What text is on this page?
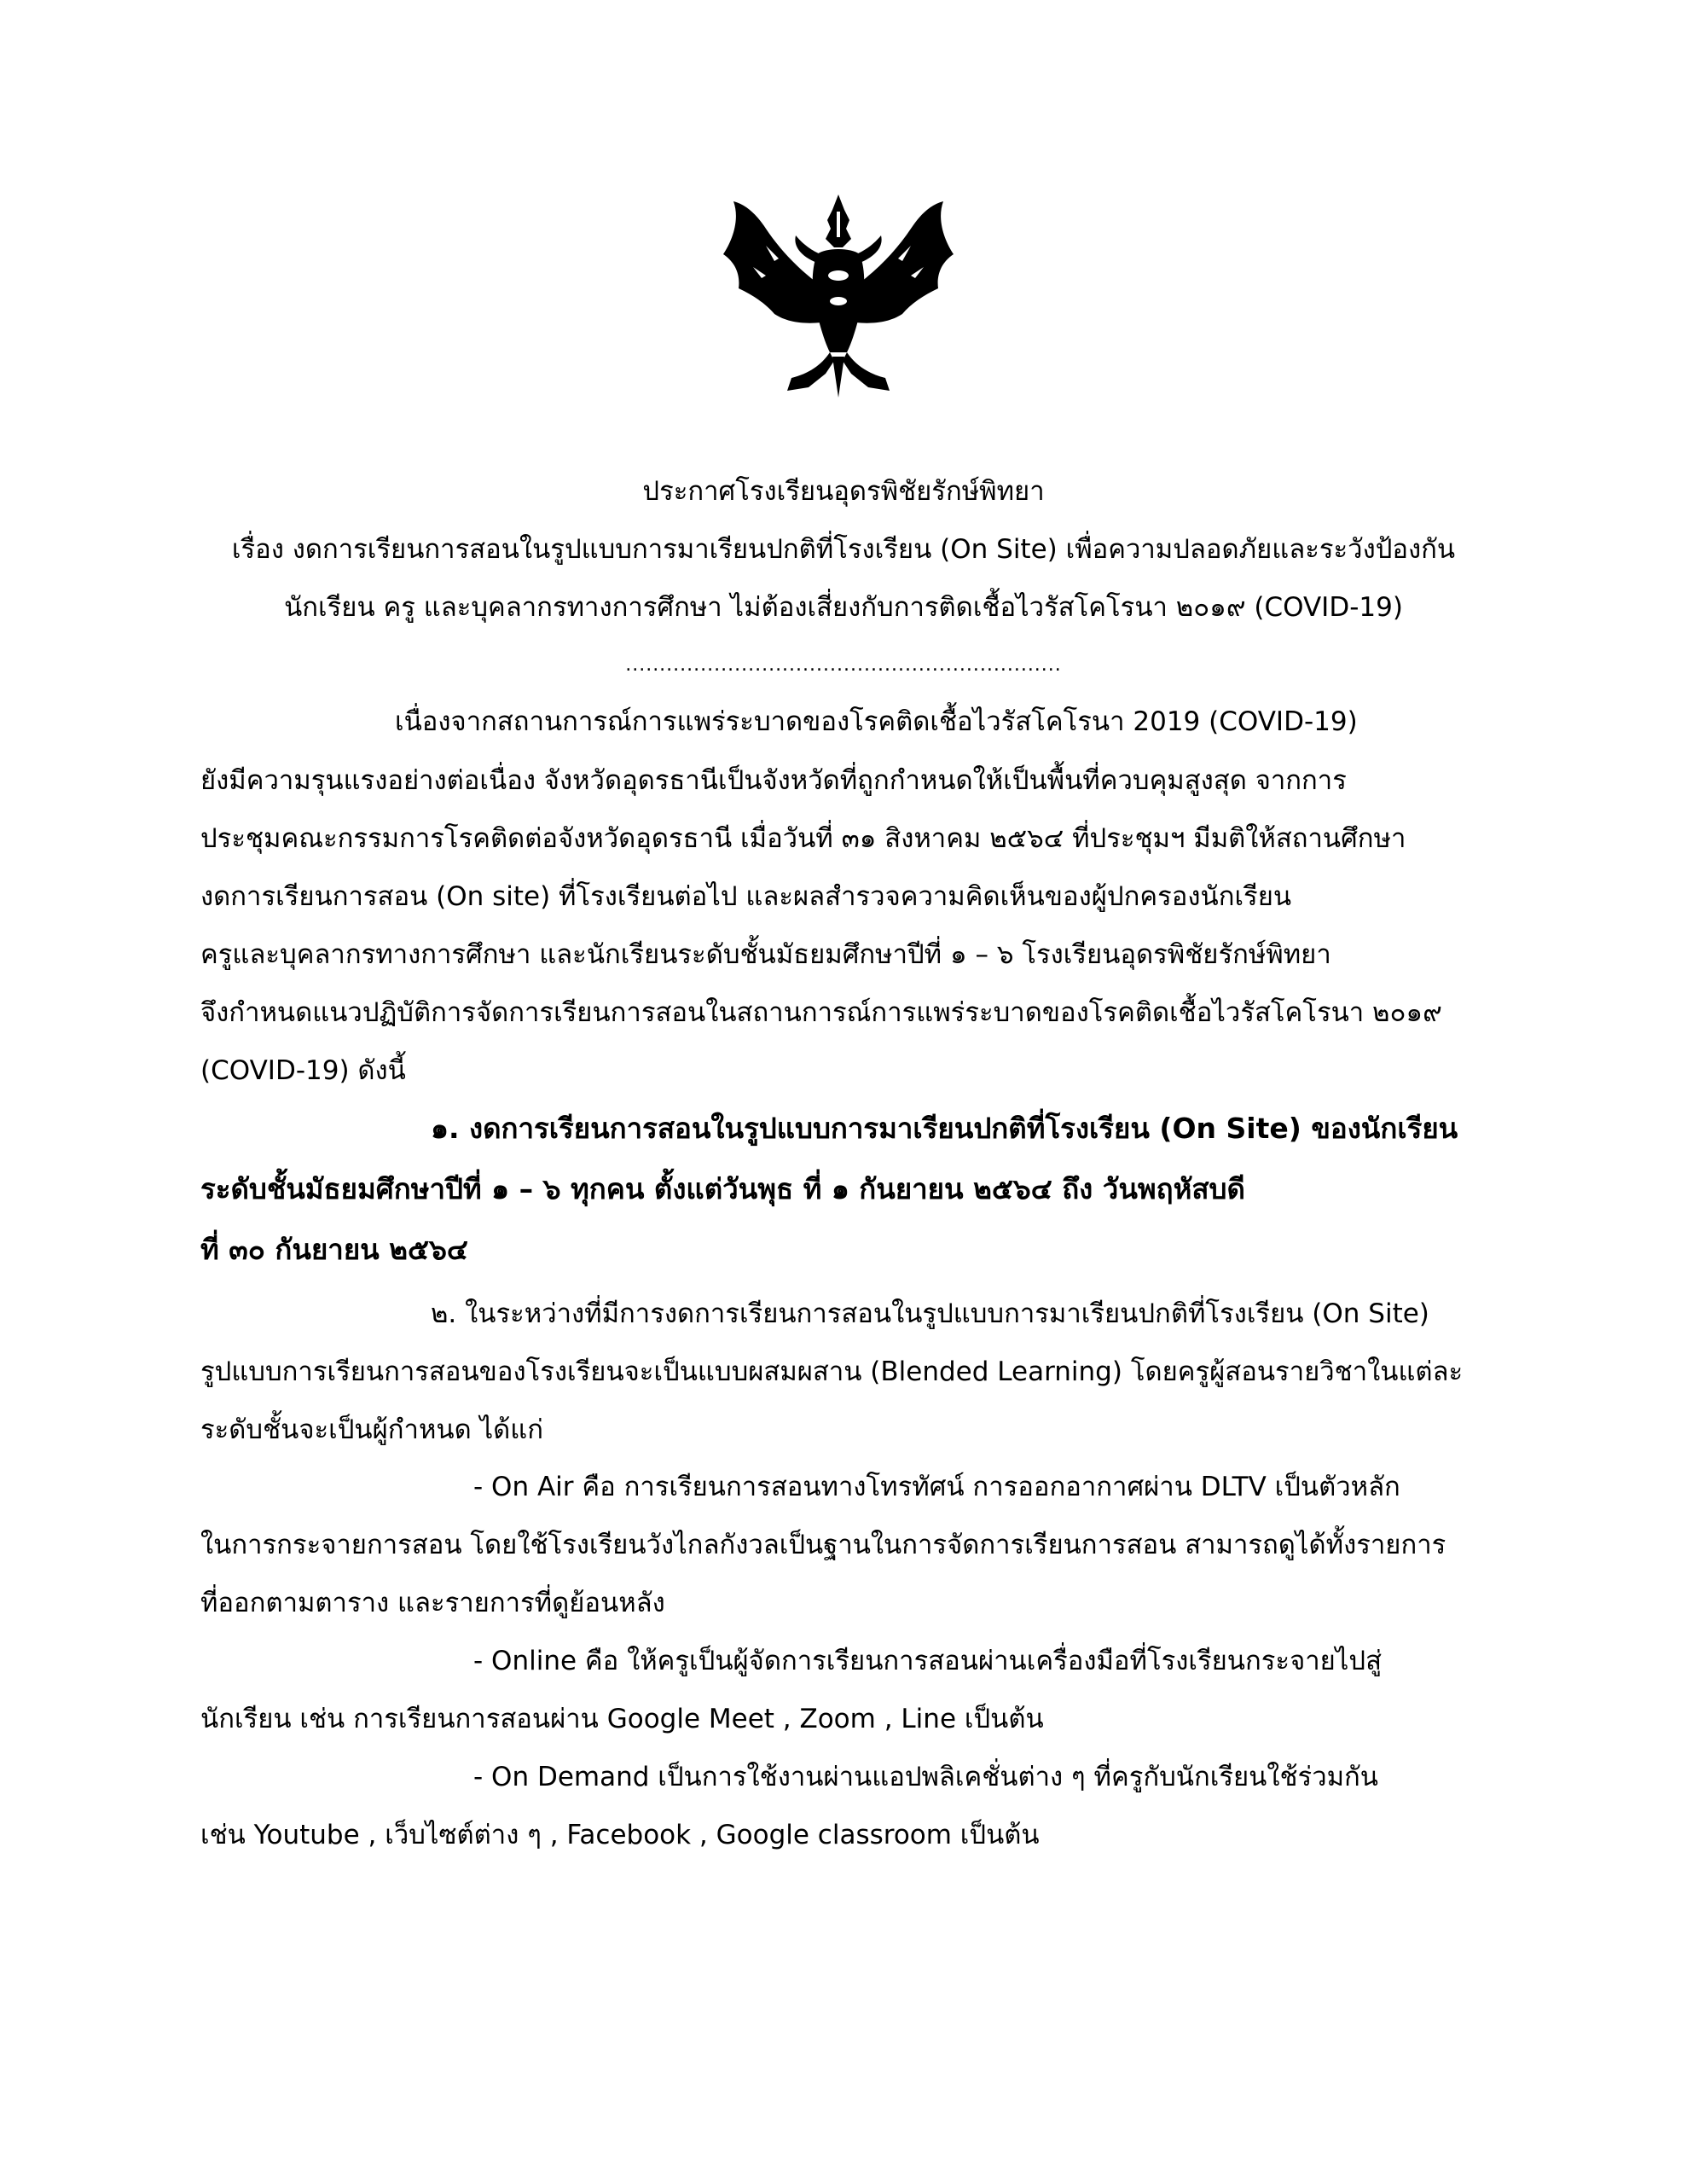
ประกาศโรงเรียนอุดรพิชัยรักษ์พิทยา
เรื่อง งดการเรียนการสอนในรูปแบบการมาเรียนปกติที่โรงเรียน (On Site) เพื่อความปลอดภัยและระวังป้องกัน
นักเรียน ครู และบุคลากรทางการศึกษา ไม่ต้องเสี่ยงกับการติดเชื้อไวรัสโคโรนา ๒๐๑๙ (COVID-19)
................................................................
เนื่องจากสถานการณ์การแพร่ระบาดของโรคติดเชื้อไวรัสโคโรนา 2019 (COVID-19)
ยังมีความรุนแรงอย่างต่อเนื่อง จังหวัดอุดรธานีเป็นจังหวัดที่ถูกกำหนดให้เป็นพื้นที่ควบคุมสูงสุด จากการ
ประชุมคณะกรรมการโรคติดต่อจังหวัดอุดรธานี เมื่อวันที่ ๓๑ สิงหาคม ๒๕๖๔ ที่ประชุมฯ มีมติให้สถานศึกษา
งดการเรียนการสอน (On site) ที่โรงเรียนต่อไป และผลสำรวจความคิดเห็นของผู้ปกครองนักเรียน
ครูและบุคลากรทางการศึกษา และนักเรียนระดับชั้นมัธยมศึกษาปีที่ ๑ – ๖ โรงเรียนอุดรพิชัยรักษ์พิทยา
จึงกำหนดแนวปฏิบัติการจัดการเรียนการสอนในสถานการณ์การแพร่ระบาดของโรคติดเชื้อไวรัสโคโรนา ๒๐๑๙
(COVID-19) ดังนี้
๑. งดการเรียนการสอนในรูปแบบการมาเรียนปกติที่โรงเรียน (On Site) ของนักเรียน
ระดับชั้นมัธยมศึกษาปีที่ ๑ – ๖ ทุกคน ตั้งแต่วันพุธ ที่ ๑ กันยายน ๒๕๖๔ ถึง วันพฤหัสบดี
ที่ ๓๐ กันยายน ๒๕๖๔
๒. ในระหว่างที่มีการงดการเรียนการสอนในรูปแบบการมาเรียนปกติที่โรงเรียน (On Site)
รูปแบบการเรียนการสอนของโรงเรียนจะเป็นแบบผสมผสาน (Blended Learning) โดยครูผู้สอนรายวิชาในแต่ละ
ระดับชั้นจะเป็นผู้กำหนด ได้แก่
- On Air คือ การเรียนการสอนทางโทรทัศน์ การออกอากาศผ่าน DLTV เป็นตัวหลัก
ในการกระจายการสอน โดยใช้โรงเรียนวังไกลกังวลเป็นฐานในการจัดการเรียนการสอน สามารถดูได้ทั้งรายการ
ที่ออกตามตาราง และรายการที่ดูย้อนหลัง
- Online คือ ให้ครูเป็นผู้จัดการเรียนการสอนผ่านเครื่องมือที่โรงเรียนกระจายไปสู่
นักเรียน เช่น การเรียนการสอนผ่าน Google Meet , Zoom , Line เป็นต้น
- On Demand เป็นการใช้งานผ่านแอปพลิเคชั่นต่าง ๆ ที่ครูกับนักเรียนใช้ร่วมกัน
เช่น Youtube , เว็บไซต์ต่าง ๆ , Facebook , Google classroom เป็นต้น
